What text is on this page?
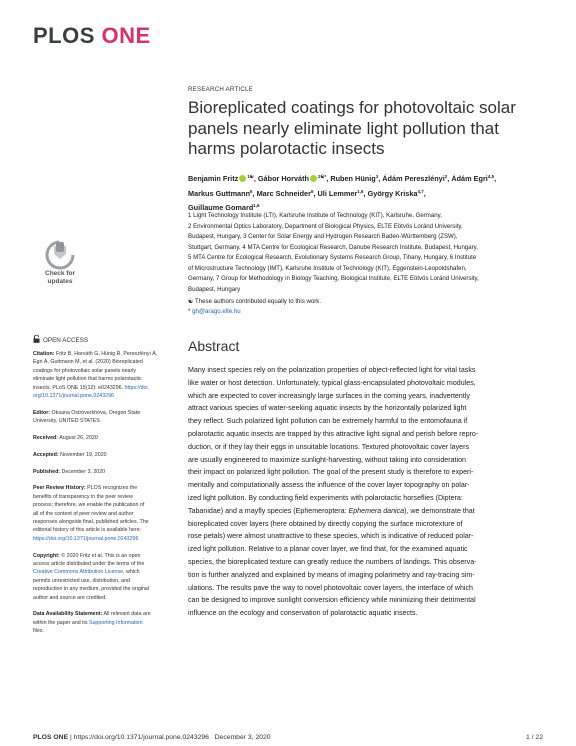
PLOS ONE
RESEARCH ARTICLE
Bioreplicated coatings for photovoltaic solar
panels nearly eliminate light pollution that
harms polarotactic insects
Benjamin Fritz $^{1☯}$, Gábor Horváth $^{2☯*}$, Ruben Hünig$^3$, Ádám Pereszlényi$^2$, Ádám Egri$^{4,5}$,
Markus Guttmann$^6$, Marc Schneider$^6$, Uli Lemmer$^{1,6}$, György Kriska$^{4,7}$,
Guillaume Gomard$^{1,6}$
1 Light Technology Institute (LTI), Karlsruhe Institute of Technology (KIT), Karlsruhe, Germany,
2 Environmental Optics Laboratory, Department of Biological Physics, ELTE Eötvös Loránd University,
Budapest, Hungary, 3 Center for Solar Energy and Hydrogen Research Baden-Württemberg (ZSW),
Stuttgart, Germany, 4 MTA Centre for Ecological Research, Danube Research Institute, Budapest, Hungary,
5 MTA Centre for Ecological Research, Evolutionary Systems Research Group, Tihany, Hungary, 6 Institute
of Microstructure Technology (IMT), Karlsruhe Institute of Technology (KIT), Eggenstein-Leopoldshafen,
Germany, 7 Group for Methodology in Biology Teaching, Biological Institute, ELTE Eötvös Loránd University,
Budapest, Hungary
☯ These authors contributed equally to this work.
* gh@arago.elte.hu
Abstract
Many insect species rely on the polarization properties of object-reflected light for vital tasks
like water or host detection. Unfortunately, typical glass-encapsulated photovoltaic modules,
which are expected to cover increasingly large surfaces in the coming years, inadvertently
attract various species of water-seeking aquatic insects by the horizontally polarized light
they reflect. Such polarized light pollution can be extremely harmful to the entomofauna if
polarotactic aquatic insects are trapped by this attractive light signal and perish before repro-
duction, or if they lay their eggs in unsuitable locations. Textured photovoltaic cover layers
are usually engineered to maximize sunlight-harvesting, without taking into consideration
their impact on polarized light pollution. The goal of the present study is therefore to experi-
mentally and computationally assess the influence of the cover layer topography on polar-
ized light pollution. By conducting field experiments with polarotactic horseflies (Diptera:
Tabanidae) and a mayfly species (Ephemeroptera: Ephemera danica), we demonstrate that
bioreplicated cover layers (here obtained by directly copying the surface microtexture of
rose petals) were almost unattractive to these species, which is indicative of reduced polar-
ized light pollution. Relative to a planar cover layer, we find that, for the examined aquatic
species, the bioreplicated texture can greatly reduce the numbers of landings. This observa-
tion is further analyzed and explained by means of imaging polarimetry and ray-tracing sim-
ulations. The results pave the way to novel photovoltaic cover layers, the interface of which
can be designed to improve sunlight conversion efficiency while minimizing their detrimental
influence on the ecology and conservation of polarotactic aquatic insects.
Check for
updates
OPEN ACCESS
Citation: Fritz B, Horváth G, Hünig R, Pereszlényi Á,
Egri Á, Guttmann M, et al. (2020) Bioreplicated
coatings for photovoltaic solar panels nearly
eliminate light pollution that harms polarotactic
insects. PLoS ONE 15(12): e0243296. https://doi.
org/10.1371/journal.pone.0243296
Editor: Oksana Ostroverkhova, Oregon State
University, UNITED STATES
Received: August 26, 2020
Accepted: November 19, 2020
Published: December 3, 2020
Peer Review History: PLOS recognizes the
benefits of transparency in the peer review
process; therefore, we enable the publication of
all of the content of peer review and author
responses alongside final, published articles. The
editorial history of this article is available here:
https://doi.org/10.1371/journal.pone.0243296
Copyright: © 2020 Fritz et al. This is an open
access article distributed under the terms of the
Creative Commons Attribution License, which
permits unrestricted use, distribution, and
reproduction in any medium, provided the original
author and source are credited.
Data Availability Statement: All relevant data are
within the paper and its Supporting Information
files.
PLOS ONE | https://doi.org/10.1371/journal.pone.0243296 December 3, 2020	1 / 22
